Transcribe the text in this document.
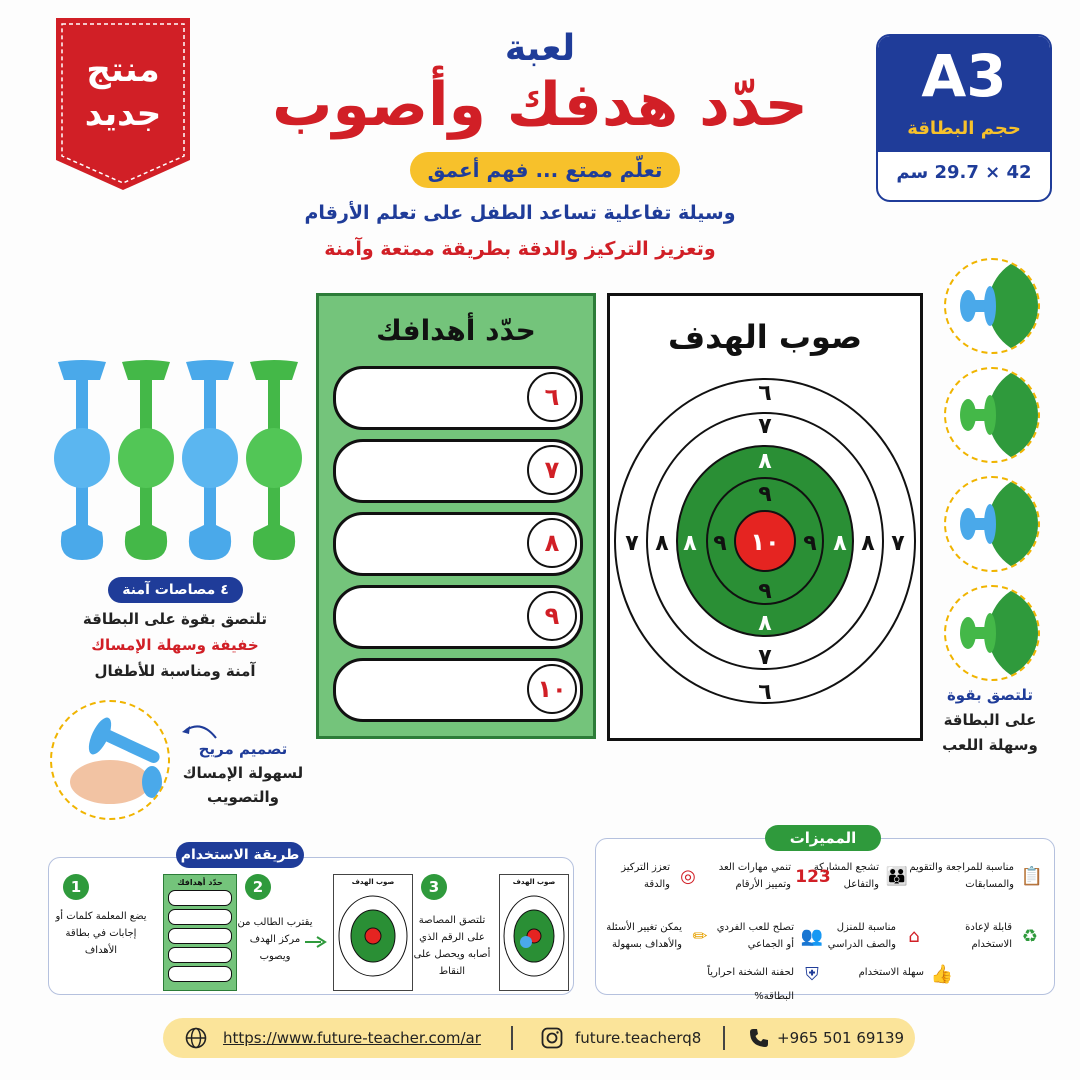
منتج
جديد
لعبة
حدّد هدفك وأصوب
تعلّم ممتع ... فهم أعمق
وسيلة تفاعلية تساعد الطفل على تعلم الأرقام
وتعزيز التركيز والدقة بطريقة ممتعة وآمنة
A3
حجم البطاقة
42 × 29.7 سم
٤ مصاصات آمنة
تلتصق بقوة على البطاقة
خفيفة وسهلة الإمساك
آمنة ومناسبة للأطفال
تصميم مريح
لسهولة الإمساك
والتصويب
حدّد أهدافك
٦
٧
٨
٩
١٠
صوب الهدف
٦
٧
٨
٩
١٠
٩
٨
٧
٦
٧ ٨ ٨ ٩	٩ ٨ ٨ ٧
تلتصق بقوة
على البطاقة
وسهلة اللعب
1
يضع المعلمة كلمات أو إجابات في بطاقة الأهداف
حدّد أهدافك	2
يقترب الطالب من مركز الهدف ويصوب
صوب الهدف	3
تلتصق المصاصة على الرقم الذي أصابه ويحصل على النقاط
صوب الهدف
طريقة الاستخدام
📋
مناسبة للمراجعة والتقويم والمسابقات
👪
تشجع المشاركة والتفاعل
123
تنمي مهارات العد وتمييز الأرقام
◎
تعزز التركيز والدقة
♻
قابلة لإعادة الاستخدام
⌂
مناسبة للمنزل والصف الدراسي
👥
تصلح للعب الفردي أو الجماعي
✏
يمكن تغيير الأسئلة والأهداف بسهولة
👍
سهلة الاستخدام
⛨
لحفنة الشخنة احرارياً البطاقة%
المميزات
https://www.future-teacher.com/ar	future.teacherq8	+965 501 69139
